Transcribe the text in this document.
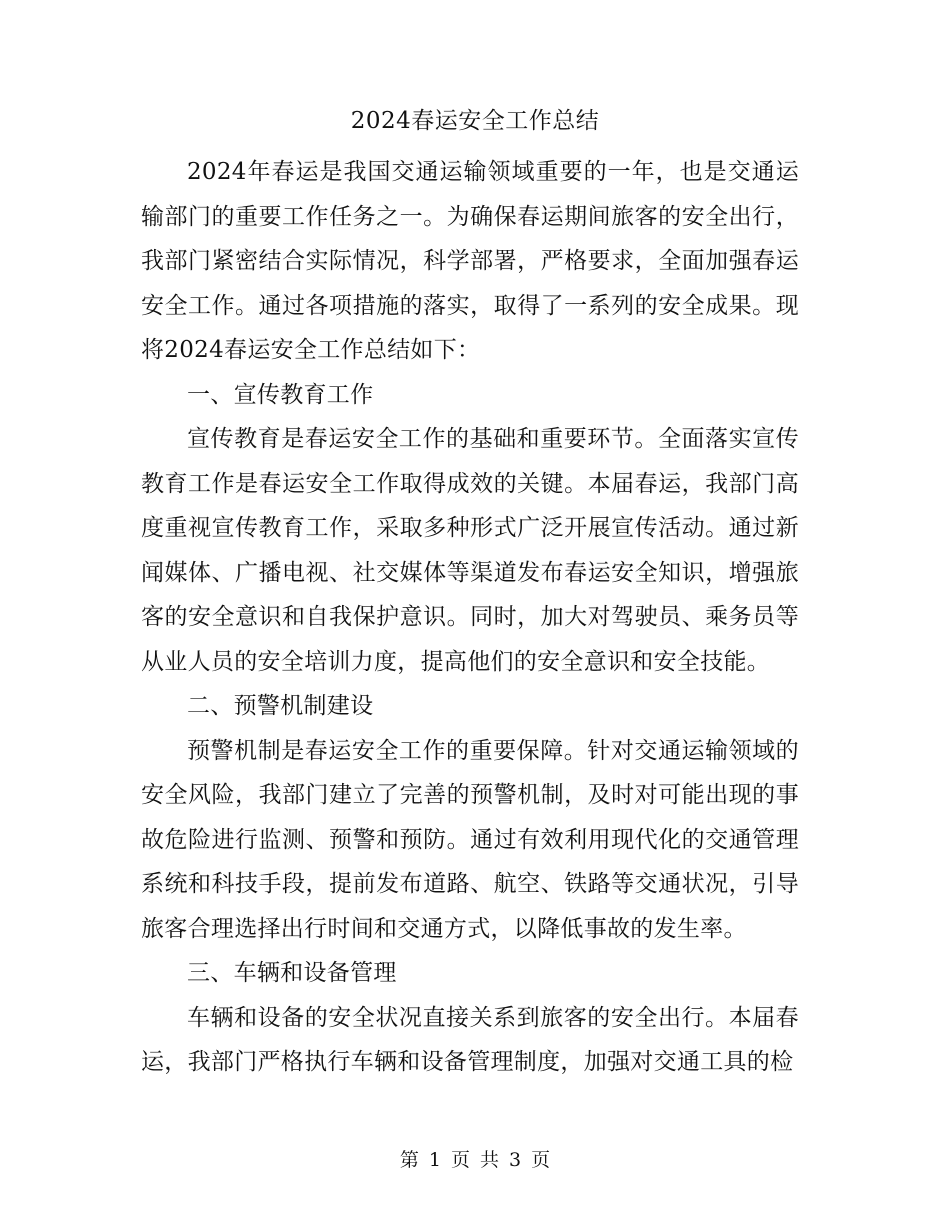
2024春运安全工作总结

2024年春运是我国交通运输领域重要的一年，也是交通运输部门的重要工作任务之一。为确保春运期间旅客的安全出行，我部门紧密结合实际情况，科学部署，严格要求，全面加强春运安全工作。通过各项措施的落实，取得了一系列的安全成果。现将2024春运安全工作总结如下：

一、宣传教育工作

宣传教育是春运安全工作的基础和重要环节。全面落实宣传教育工作是春运安全工作取得成效的关键。本届春运，我部门高度重视宣传教育工作，采取多种形式广泛开展宣传活动。通过新闻媒体、广播电视、社交媒体等渠道发布春运安全知识，增强旅客的安全意识和自我保护意识。同时，加大对驾驶员、乘务员等从业人员的安全培训力度，提高他们的安全意识和安全技能。

二、预警机制建设

预警机制是春运安全工作的重要保障。针对交通运输领域的安全风险，我部门建立了完善的预警机制，及时对可能出现的事故危险进行监测、预警和预防。通过有效利用现代化的交通管理系统和科技手段，提前发布道路、航空、铁路等交通状况，引导旅客合理选择出行时间和交通方式，以降低事故的发生率。

三、车辆和设备管理

车辆和设备的安全状况直接关系到旅客的安全出行。本届春运，我部门严格执行车辆和设备管理制度，加强对交通工具的检

第 1 页 共 3 页
